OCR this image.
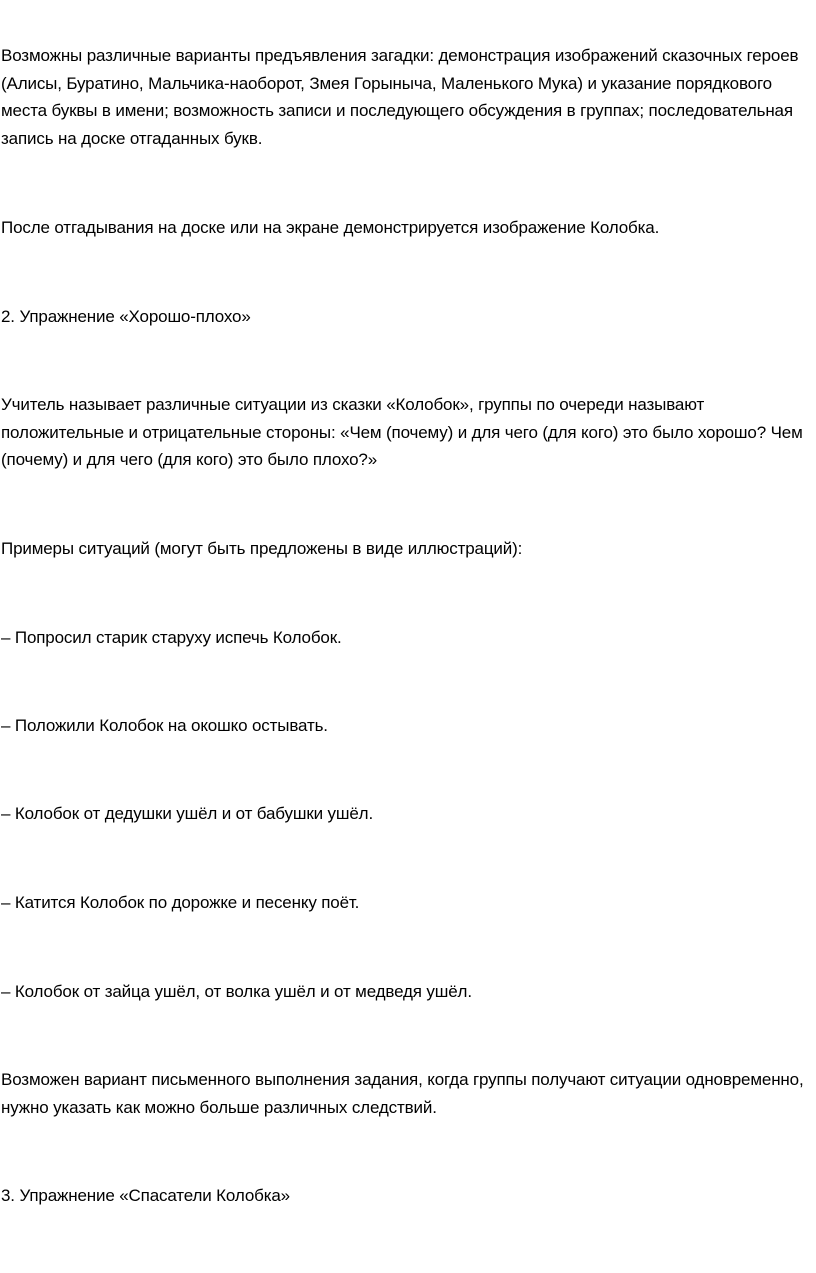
Возможны различные варианты предъявления загадки: демонстрация изображений сказочных героев (Алисы, Буратино, Мальчика-наоборот, Змея Горыныча, Маленького Мука) и указание порядкового места буквы в имени; возможность записи и последующего обсуждения в группах; последовательная запись на доске отгаданных букв.

После отгадывания на доске или на экране демонстрируется изображение Колобка.

2. Упражнение «Хорошо-плохо»

Учитель называет различные ситуации из сказки «Колобок», группы по очереди называют положительные и отрицательные стороны: «Чем (почему) и для чего (для кого) это было хорошо? Чем (почему) и для чего (для кого) это было плохо?»

Примеры ситуаций (могут быть предложены в виде иллюстраций):

– Попросил старик старуху испечь Колобок.

– Положили Колобок на окошко остывать.

– Колобок от дедушки ушёл и от бабушки ушёл.

– Катится Колобок по дорожке и песенку поёт.

– Колобок от зайца ушёл, от волка ушёл и от медведя ушёл.

Возможен вариант письменного выполнения задания, когда группы получают ситуации одновременно, нужно указать как можно больше различных следствий.

3. Упражнение «Спасатели Колобка»
